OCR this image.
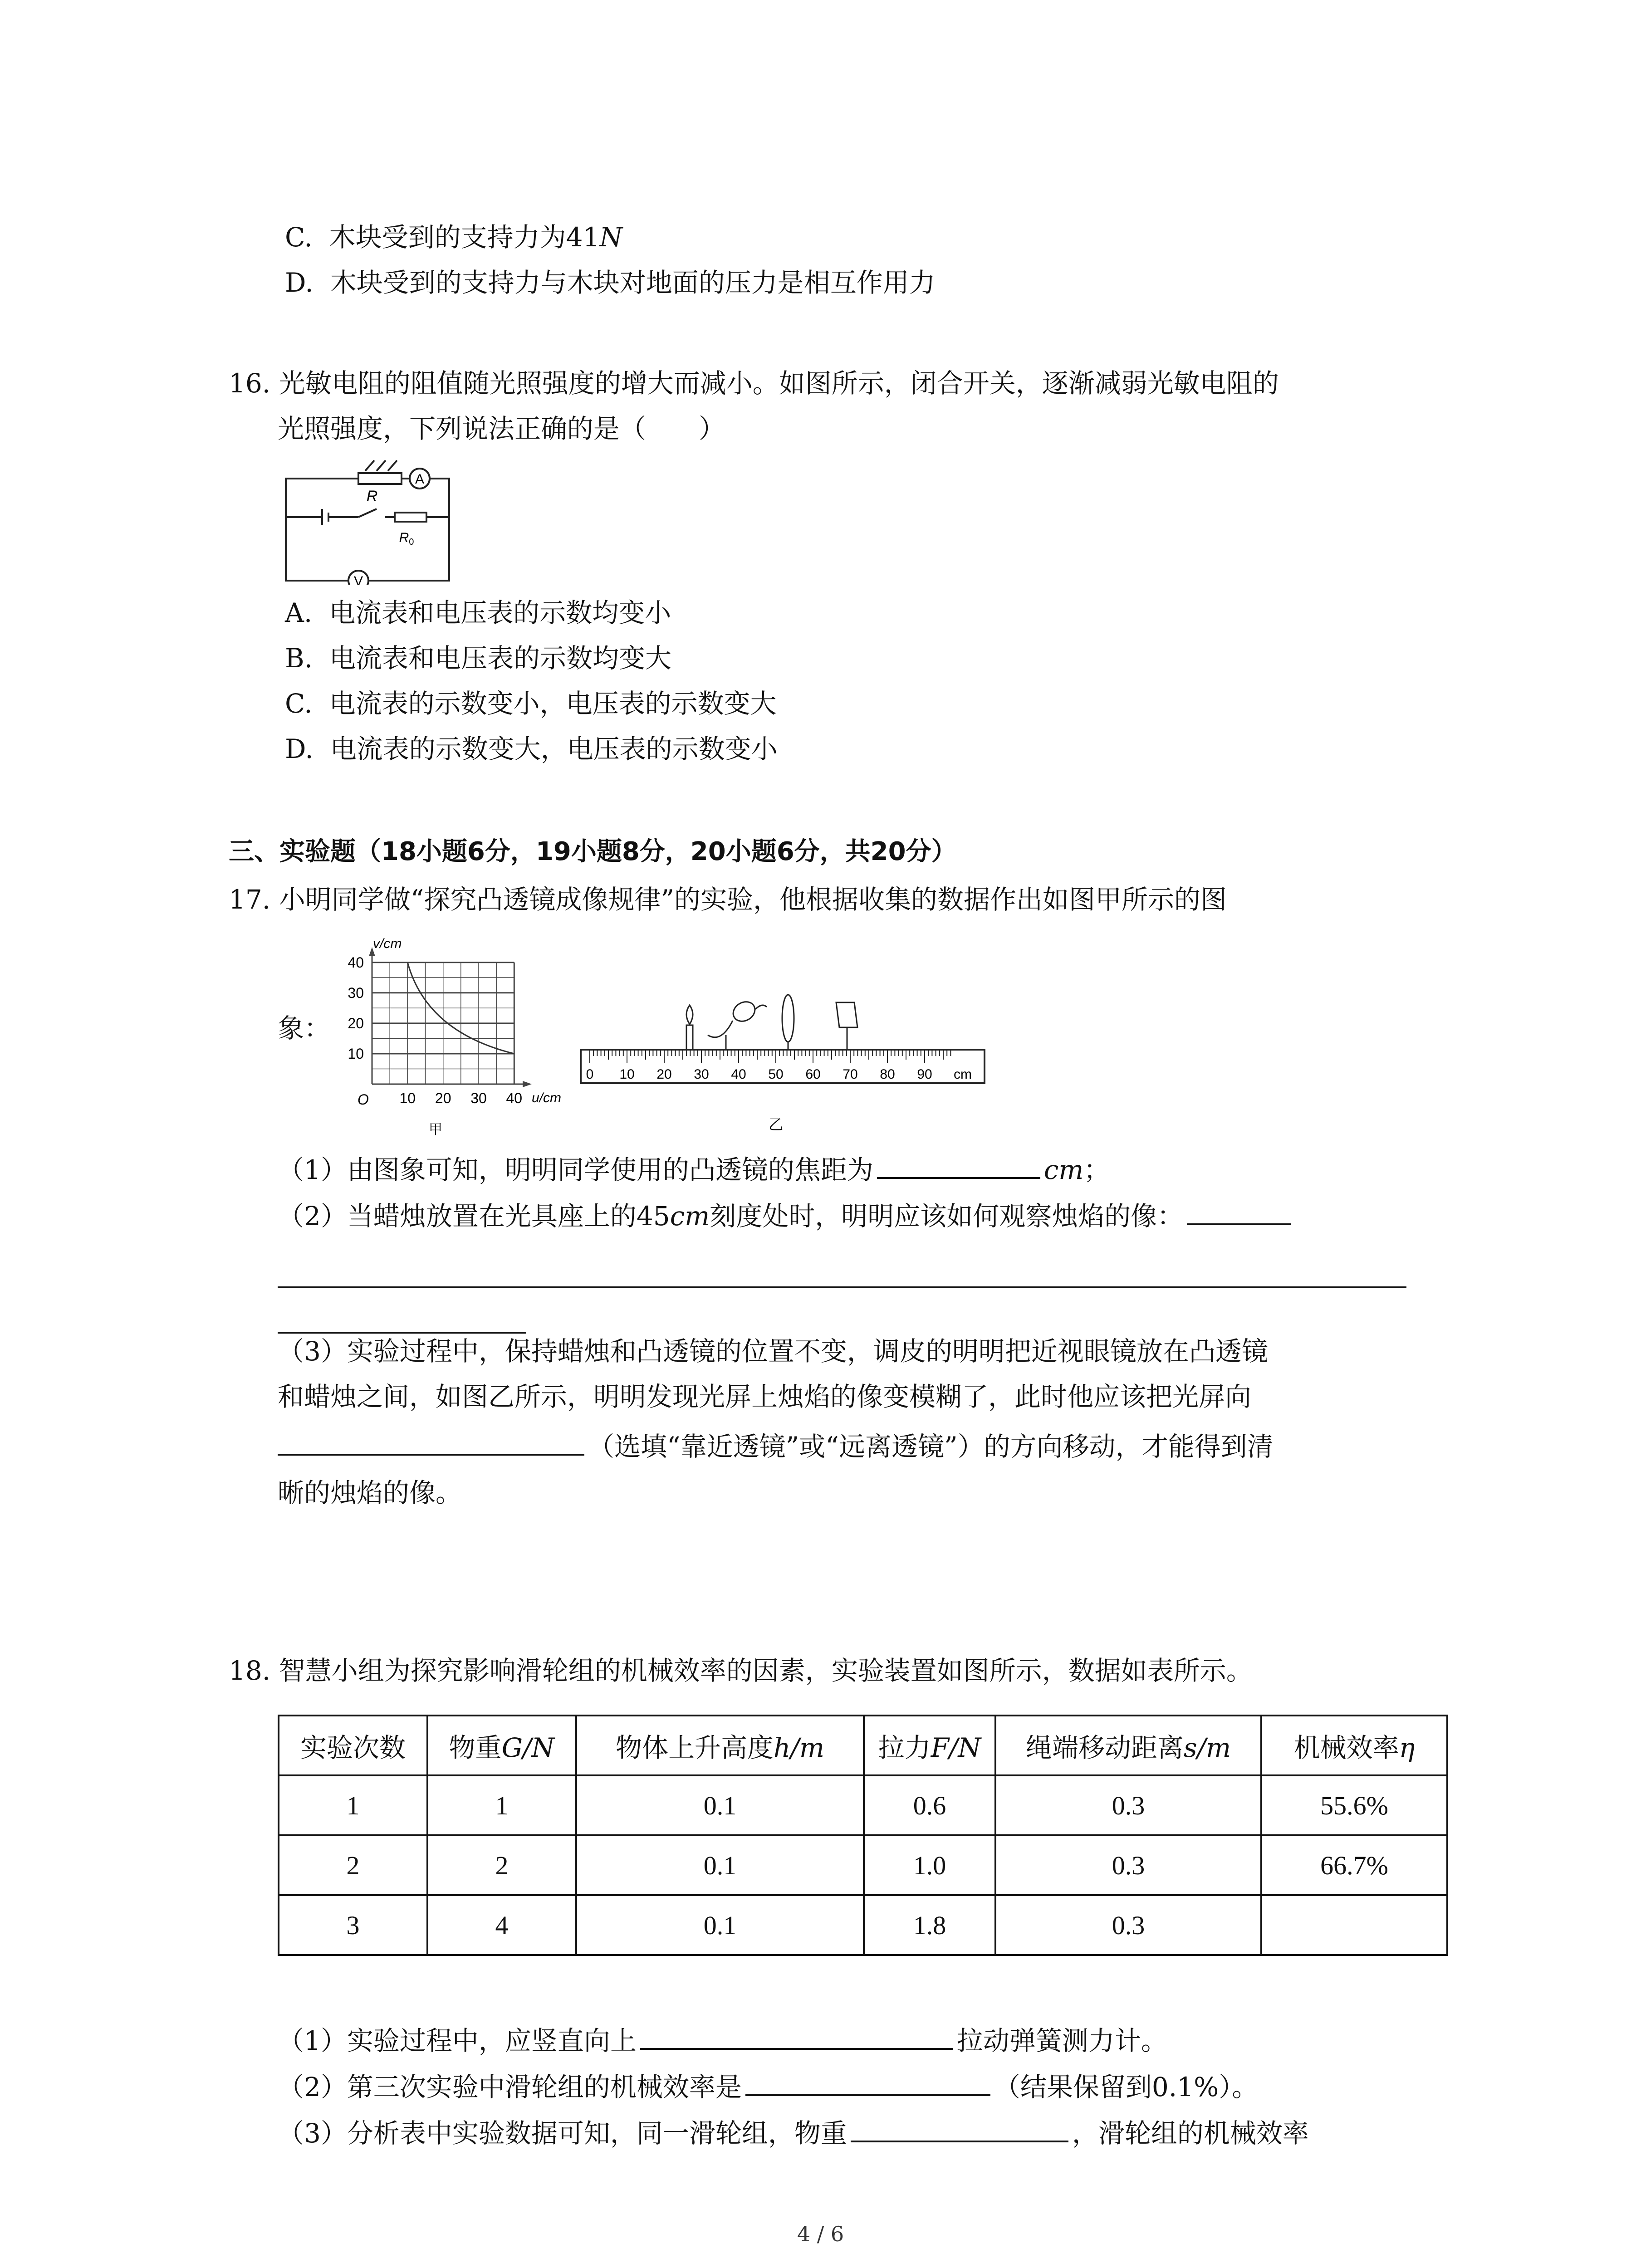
C. 木块受到的支持力为41N
D. 木块受到的支持力与木块对地面的压力是相互作用力
16. 光敏电阻的阻值随光照强度的增大而减小。如图所示，闭合开关，逐渐减弱光敏电阻的
光照强度，下列说法正确的是（　　）
A
V
R
$R_0$
A. 电流表和电压表的示数均变小
B. 电流表和电压表的示数均变大
C. 电流表的示数变小，电压表的示数变大
D. 电流表的示数变大，电压表的示数变小
三、实验题（18小题6分，19小题8分，20小题6分，共20分）
17. 小明同学做“探究凸透镜成像规律”的实验，他根据收集的数据作出如图甲所示的图
象：
v/cm
u/cm
O
10
20
30
40
10 20 30 40
甲
0 10 20 30 40 50 60 70 80 90 cm
乙
（1）由图象可知，明明同学使用的凸透镜的焦距为	cm；
（2）当蜡烛放置在光具座上的45cm刻度处时，明明应该如何观察烛焰的像：
（3）实验过程中，保持蜡烛和凸透镜的位置不变，调皮的明明把近视眼镜放在凸透镜
和蜡烛之间，如图乙所示，明明发现光屏上烛焰的像变模糊了，此时他应该把光屏向
（选填“靠近透镜”或“远离透镜”）的方向移动，才能得到清
晰的烛焰的像。
18. 智慧小组为探究影响滑轮组的机械效率的因素，实验装置如图所示，数据如表所示。
实验次数	物重G/N	物体上升高度h/m	拉力F/N	绳端移动距离s/m	机械效率η
1	1	0.1	0.6	0.3	55.6%
2	2	0.1	1.0	0.3	66.7%
3	4	0.1	1.8	0.3	
（1）实验过程中，应竖直向上	拉动弹簧测力计。
（2）第三次实验中滑轮组的机械效率是	（结果保留到0.1%）。
（3）分析表中实验数据可知，同一滑轮组，物重	，滑轮组的机械效率
4 / 6
